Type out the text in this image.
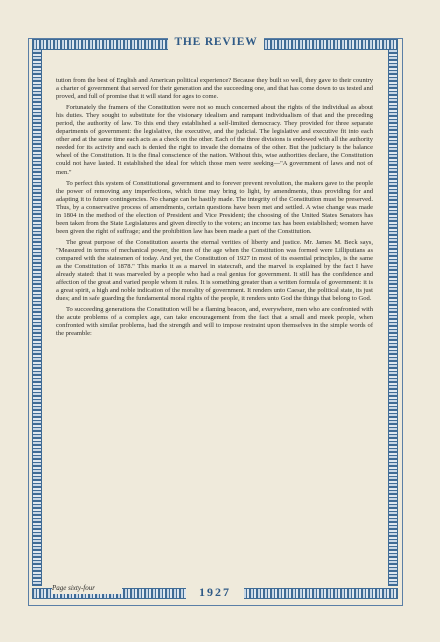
THE REVIEW

tution from the best of English and American political experience? Because they built so well, they gave to their country a charter of government that served for their generation and the succeeding one, and that has come down to us tested and proved, and full of promise that it will stand for ages to come.

Fortunately the framers of the Constitution were not so much concerned about the rights of the individual as about his duties. They sought to substitute for the visionary idealism and rampant individualism of that and the preceding period, the authority of law. To this end they established a self-limited democracy. They provided for three separate departments of government: the legislative, the executive, and the judicial. The legislative and executive fit into each other and at the same time each acts as a check on the other. Each of the three divisions is endowed with all the authority needed for its activity and each is denied the right to invade the domains of the other. But the judiciary is the balance wheel of the Constitution. It is the final conscience of the nation. Without this, wise authorities declare, the Constitution could not have lasted. It established the ideal for which those men were seeking—"A government of laws and not of men."

To perfect this system of Constitutional government and to forever prevent revolution, the makers gave to the people the power of removing any imperfections, which time may bring to light, by amendments, thus providing for and adapting it to future contingencies. No change can be hastily made. The integrity of the Constitution must be preserved. Thus, by a conservative process of amendments, certain questions have been met and settled. A wise change was made in 1804 in the method of the election of President and Vice President; the choosing of the United States Senators has been taken from the State Legislatures and given directly to the voters; an income tax has been established; women have been given the right of suffrage; and the prohibition law has been made a part of the Constitution.

The great purpose of the Constitution asserts the eternal verities of liberty and justice. Mr. James M. Beck says, "Measured in terms of mechanical power, the men of the age when the Constitution was formed were Lilliputians as compared with the statesmen of today. And yet, the Constitution of 1927 in most of its essential principles, is the same as the Constitution of 1878." This marks it as a marvel in statecraft, and the marvel is explained by the fact I have already stated: that it was marveled by a people who had a real genius for government. It still has the confidence and affection of the great and varied people whom it rules. It is something greater than a written formula of government: it is a great spirit, a high and noble indication of the morality of government. It renders unto Caesar, the political state, its just dues; and in safe guarding the fundamental moral rights of the people, it renders unto God the things that belong to God.

To succeeding generations the Constitution will be a flaming beacon, and, everywhere, men who are confronted with the acute problems of a complex age, can take encouragement from the fact that a small and meek people, when confronted with similar problems, had the strength and will to impose restraint upon themselves in the simple words of the preamble:

Page sixty-four	1927
